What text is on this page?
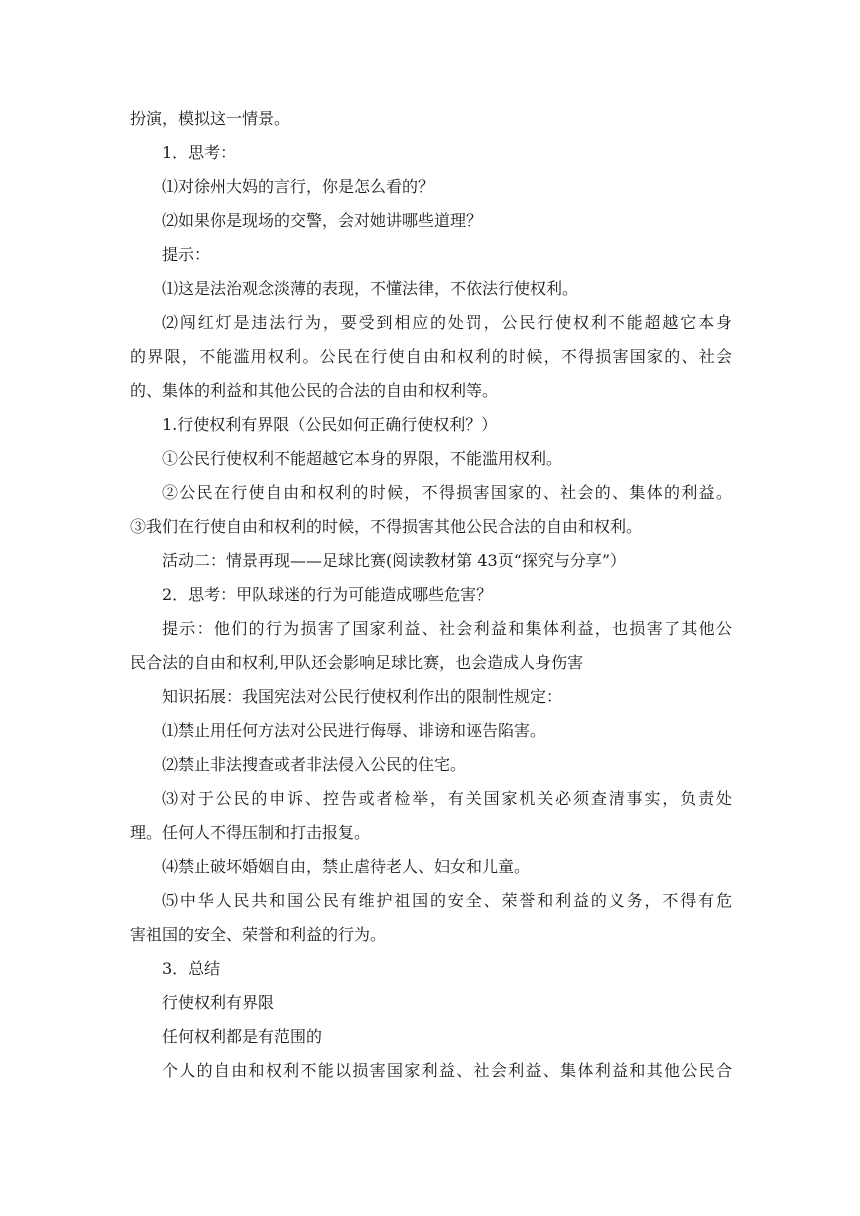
扮演，模拟这一情景。
1．思考：
⑴对徐州大妈的言行，你是怎么看的？
⑵如果你是现场的交警，会对她讲哪些道理？
提示：
⑴这是法治观念淡薄的表现，不懂法律，不依法行使权利。
⑵闯红灯是违法行为，要受到相应的处罚，公民行使权利不能超越它本身
的界限，不能滥用权利。公民在行使自由和权利的时候，不得损害国家的、社会
的、集体的利益和其他公民的合法的自由和权利等。
1.行使权利有界限（公民如何正确行使权利？）
①公民行使权利不能超越它本身的界限，不能滥用权利。
②公民在行使自由和权利的时候，不得损害国家的、社会的、集体的利益。
③我们在行使自由和权利的时候，不得损害其他公民合法的自由和权利。
活动二：情景再现——足球比赛(阅读教材第 43页“探究与分享”）
2．思考：甲队球迷的行为可能造成哪些危害？
提示：他们的行为损害了国家利益、社会利益和集体利益，也损害了其他公
民合法的自由和权利,甲队还会影响足球比赛，也会造成人身伤害
知识拓展：我国宪法对公民行使权利作出的限制性规定：
⑴禁止用任何方法对公民进行侮辱、诽谤和诬告陷害。
⑵禁止非法搜查或者非法侵入公民的住宅。
⑶对于公民的申诉、控告或者检举，有关国家机关必须查清事实，负责处
理。任何人不得压制和打击报复。
⑷禁止破坏婚姻自由，禁止虐待老人、妇女和儿童。
⑸中华人民共和国公民有维护祖国的安全、荣誉和利益的义务，不得有危
害祖国的安全、荣誉和利益的行为。
3．总结
行使权利有界限
任何权利都是有范围的
个人的自由和权利不能以损害国家利益、社会利益、集体利益和其他公民合
